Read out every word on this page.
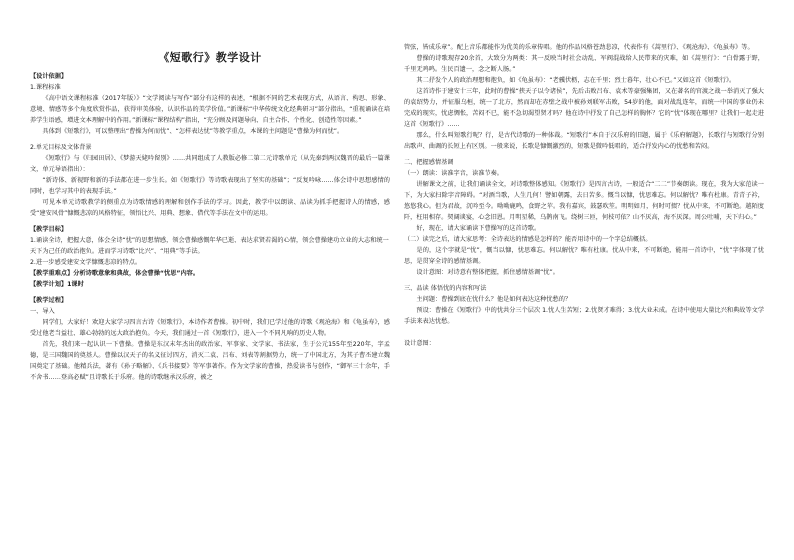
《短歌行》教学设计
【设计依据】
1.课程标准
《高中语文课程标准（2017年版）》“文学阅读与写作”部分有这样的表述，“根据不同的艺术表现方式，从语言、构思、形象、意境、情感等多个角度欣赏作品，获得审美体验，认识作品的美学价值。”新课标“中华传统文化经典研习”部分指出，“重视诵读在培养学生语感，增进文本理解中的作用。”新课标“课程结构”指出，“充分顾及问题导向、自主合作、个性化、创造性等因素。”
具体到《短歌行》，可以整理出“曹操为何而忧”、“怎样表达忧”等教学重点，本课的主问题是“曹操为何而忧”。
2.单元目标及文体背景
《短歌行》与《归园田居》、《梦游天姥吟留别》……共同组成了人教版必修二第二元诗歌单元（从先秦到两汉魏晋的最后一篇课文，单元导语指出）：
“新诗体、新视野和新的手法都在进一步生长。如《短歌行》等诗歌表现出了坚实的基础”；“反复吟咏……体会诗中思想感情的同时，也学习其中的表现手法。”
可见本单元诗歌教学的侧重点为诗歌情感的理解和创作手法的学习。因此，教学中以朗读、品读为抓手把握诗人的情感，感受“建安风骨”慷慨悲凉的风格特征，领悟比兴、用典、想象、借代等手法在文中的运用。
【教学目标】
1.诵读全诗，把握大意，体会全诗“忧”的思想情感，领会曹操感慨年华已逝、表达求贤若渴的心情，领会曹操建功立业的大志和统一天下为己任的政治抱负。进而学习诗歌“比兴”、“用典”等手法。
2.进一步感受建安文学慷慨悲凉的特点。
【教学重难点】分析诗歌意象和典故，体会曹操“忧思”内容。
【教学计划】1课时
【教学过程】
一、导入
同学们，大家好！欢迎大家学习四言古诗《短歌行》，本诗作者曹操。初中时，我们已学过他的诗歌《观沧海》和《龟虽寿》，感受过他老当益壮、雄心勃勃的远大政治抱负。今天，我们通过一首《短歌行》，进入一个不同凡响的历史人物。
首先，我们来一起认识一下曹操。曹操是东汉末年杰出的政治家、军事家、文学家、书法家，生于公元155年至220年，字孟德，是三国魏国的奠基人。曹操以汉天子的名义征讨四方，消灭二袁、吕布、刘表等割据势力，统一了中国北方，为其子曹丕建立魏国奠定了基础。他精兵法，著有《孙子略解》、《兵书接要》等军事著作。作为文学家的曹操，热爱读书与创作，“御军三十余年，手不舍书……登高必赋”且诗歌长于乐府。他的诗歌继承汉乐府，被之
管弦，皆成乐章”。配上音乐都能作为优美的乐章传唱。他的作品风格苍劲悲凉，代表作有《蒿里行》、《观沧海》、《龟虽寿》等。
曹操的诗歌现存20余首，大致分为两类：其一反映当时社会动乱、军阀混战给人民带来的灾难，如《蒿里行》：“白骨露于野，千里无鸡鸣。生民百遗一，念之断人肠。”
其二抒发个人的政治理想和抱负，如《龟虽寿》：“老骥伏枥，志在千里；烈士暮年，壮心不已。”又如这首《短歌行》。
这首诗作于建安十三年，此时的曹操“挟天子以令诸侯”，先后击败吕布、袁术等豪强集团，又在著名的官渡之战一举消灭了强大的袁绍势力，并征服乌桓，统一了北方，然而却在赤壁之战中被孙刘联军击败，54岁的他，面对战乱连年，而统一中国的事业仍未完成的现实，忧虑惆怅，苦闷不已，能不急切渴望贤才吗？他在诗中抒发了自己怎样的胸怀？它的“忧”体现在哪里？让我们一起走进这首《短歌行》……
那么，什么叫短歌行呢？行，是古代诗歌的一种体裁。“短歌行”本自于汉乐府的旧题，属于《乐府解题》，长歌行与短歌行分别出歌声、曲调的长短上有区别。一般来说，长歌是慷慨激烈的，短歌是微吟低唱的，适合抒发内心的忧愁和苦闷。
二、把握感情基调
（一）朗读：读准字音，读准节奏。
讲解课文之前，让我们诵读全文，对诗歌整体感知。《短歌行》是四言古诗，一般适合“二二”节奏朗读。现在，我为大家范读一下，为大家扫除字音障碍。“对酒当歌，人生几何！譬如朝露，去日苦多。慨当以慷，忧思难忘。何以解忧？唯有杜康。青青子衿，悠悠我心。但为君故，沉吟至今。呦呦鹿鸣，食野之苹。我有嘉宾，鼓瑟吹笙。明明如月，何时可掇？忧从中来，不可断绝。越陌度阡，枉用相存。契阔谈宴，心念旧恩。月明星稀，乌鹊南飞。绕树三匝，何枝可依？山不厌高，海不厌深。周公吐哺，天下归心。”
好，现在，请大家诵读下曹操写的这首诗歌。
（二）读完之后，请大家思考：全诗表达的情感是怎样的？能否用诗中的一个字总结概括。
是的，这个字就是“忧”，慨当以慷，忧思难忘。何以解忧？唯有杜康。忧从中来，不可断绝，能用一首诗中，“忧”字体现了忧思，是贯穿全诗的感情基调。
设计意图：对诗意有整体把握，抓住感情基调“忧”。
三、品读 体悟忧的内容和写法
主问题：曹操到底在忧什么？他是如何表达这种忧愁的？
预设：曹操在《短歌行》中的忧共分三个层次 1.忧人生苦短；2.忧贤才难得；3.忧大业未成。在诗中使用大量比兴和典故等文学手法来表达忧愁。
设计意图：
